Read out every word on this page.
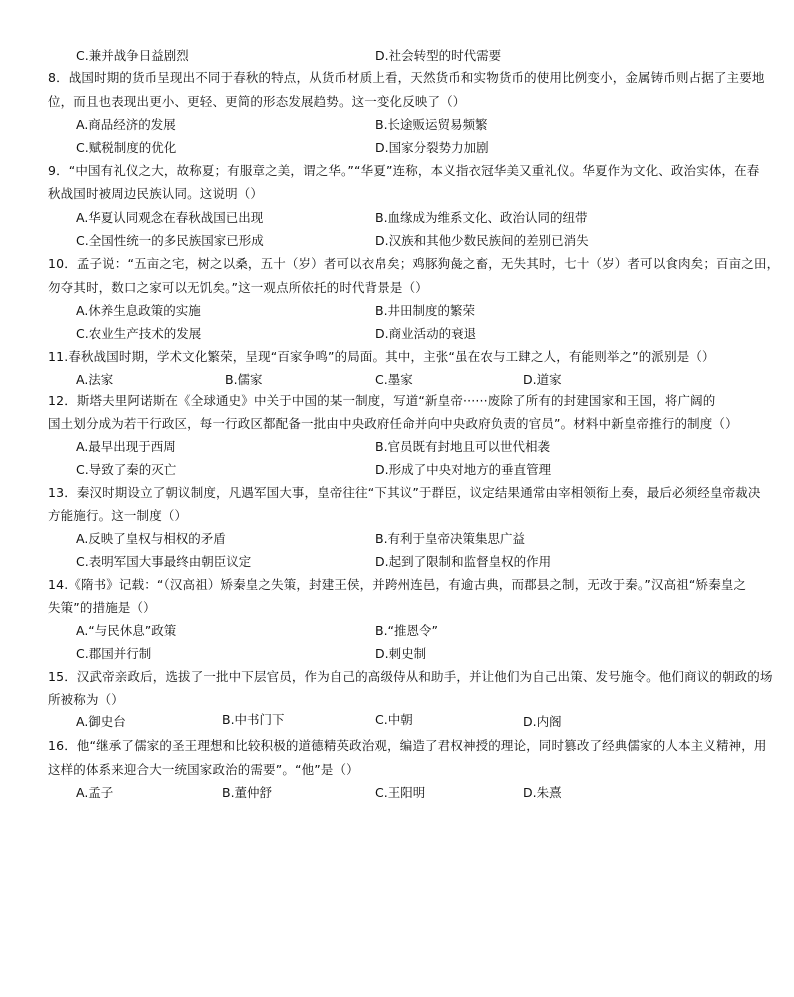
C.兼并战争日益剧烈	D.社会转型的时代需要
8．战国时期的货币呈现出不同于春秋的特点，从货币材质上看，天然货币和实物货币的使用比例变小，金属铸币则占据了主要地
位，而且也表现出更小、更轻、更简的形态发展趋势。这一变化反映了（）
A.商品经济的发展	B.长途贩运贸易频繁
C.赋税制度的优化	D.国家分裂势力加剧
9．“中国有礼仪之大，故称夏；有服章之美，谓之华。”“华夏”连称，本义指衣冠华美又重礼仪。华夏作为文化、政治实体，在春
秋战国时被周边民族认同。这说明（）
A.华夏认同观念在春秋战国已出现	B.血缘成为维系文化、政治认同的纽带
C.全国性统一的多民族国家已形成	D.汉族和其他少数民族间的差别已消失
10．孟子说：“五亩之宅，树之以桑，五十（岁）者可以衣帛矣；鸡豚狗彘之畜，无失其时，七十（岁）者可以食肉矣；百亩之田，
勿夺其时，数口之家可以无饥矣。”这一观点所依托的时代背景是（）
A.休养生息政策的实施	B.井田制度的繁荣
C.农业生产技术的发展	D.商业活动的衰退
11.春秋战国时期，学术文化繁荣，呈现“百家争鸣”的局面。其中，主张“虽在农与工肆之人，有能则举之”的派别是（）
A.法家	B.儒家	C.墨家	D.道家
12．斯塔夫里阿诺斯在《全球通史》中关于中国的某一制度，写道“新皇帝······废除了所有的封建国家和王国，将广阔的
国土划分成为若干行政区，每一行政区都配备一批由中央政府任命并向中央政府负责的官员”。材料中新皇帝推行的制度（）
A.最早出现于西周	B.官员既有封地且可以世代相袭
C.导致了秦的灭亡	D.形成了中央对地方的垂直管理
13．秦汉时期设立了朝议制度，凡遇军国大事，皇帝往往“下其议”于群臣，议定结果通常由宰相领衔上奏，最后必须经皇帝裁决
方能施行。这一制度（）
A.反映了皇权与相权的矛盾	B.有利于皇帝决策集思广益
C.表明军国大事最终由朝臣议定	D.起到了限制和监督皇权的作用
14.《隋书》记载：“（汉高祖）矫秦皇之失策，封建王侯，并跨州连邑，有逾古典，而郡县之制，无改于秦。”汉高祖“矫秦皇之
失策”的措施是（）
A.“与民休息”政策	B.“推恩令”
C.郡国并行制	D.刺史制
15．汉武帝亲政后，选拔了一批中下层官员，作为自己的高级侍从和助手，并让他们为自己出策、发号施令。他们商议的朝政的场
所被称为（）
A.御史台	B.中书门下	C.中朝	D.内阁
16．他“继承了儒家的圣王理想和比较积极的道德精英政治观，编造了君权神授的理论，同时篡改了经典儒家的人本主义精神，用
这样的体系来迎合大一统国家政治的需要”。“他”是（）
A.孟子	B.董仲舒	C.王阳明	D.朱熹
